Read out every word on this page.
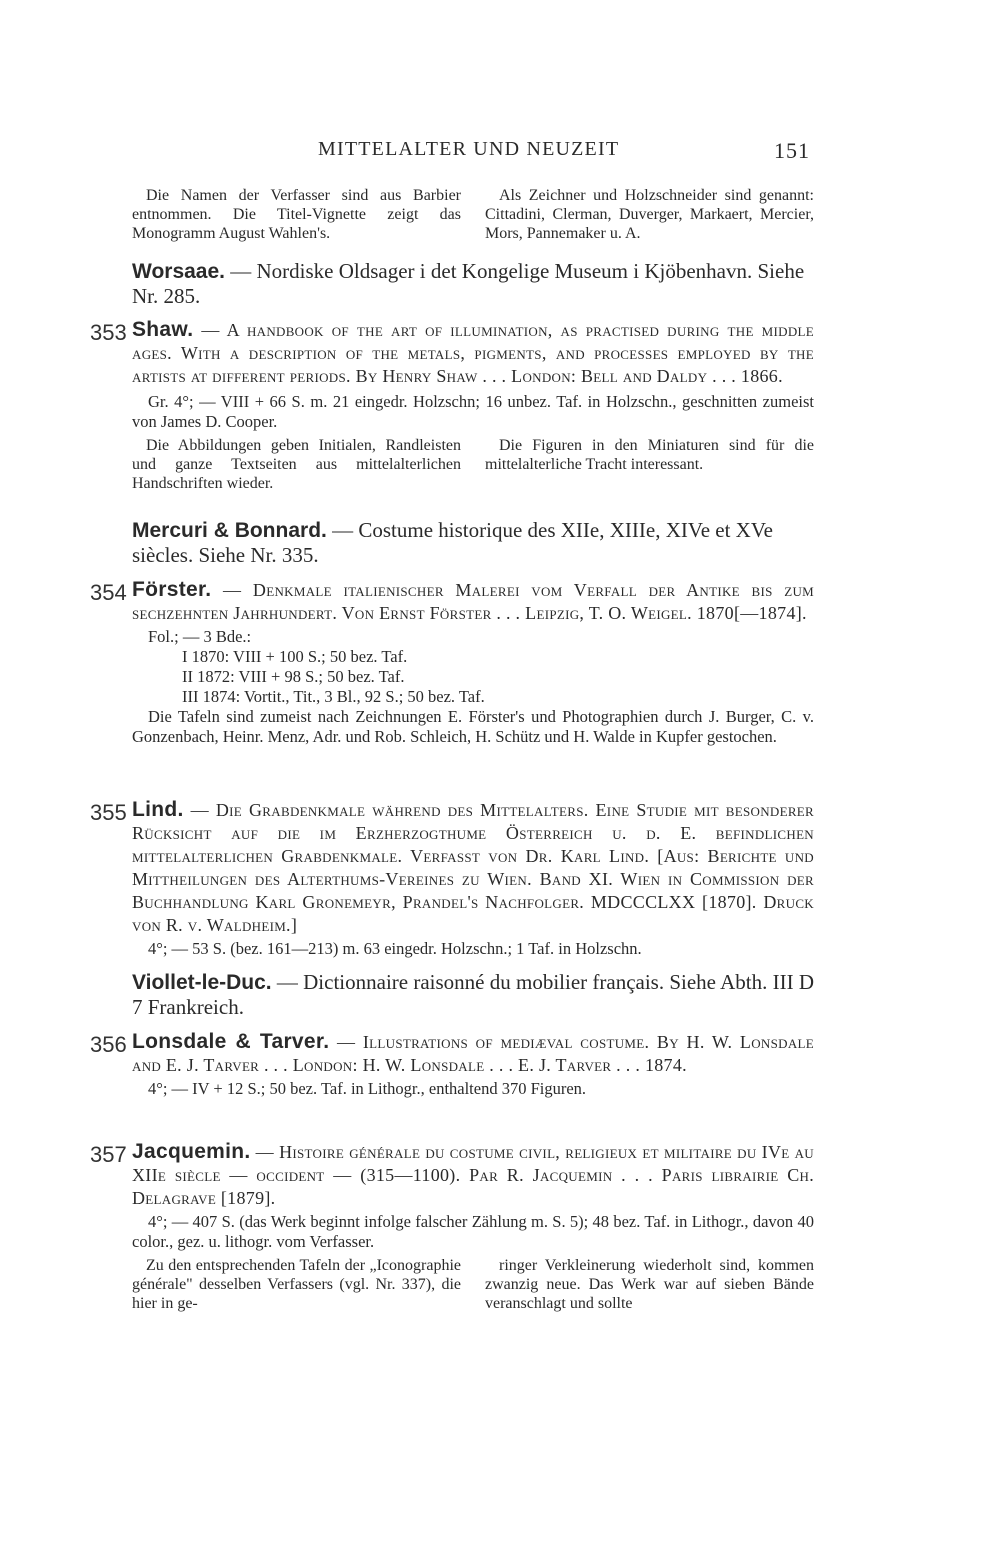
MITTELALTER UND NEUZEIT	151
Die Namen der Verfasser sind aus Barbier entnommen. Die Titel-Vignette zeigt das Monogramm August Wahlen's.
Als Zeichner und Holzschneider sind genannt: Cittadini, Clerman, Duverger, Markaert, Mercier, Mors, Pannemaker u. A.
Worsaae. — Nordiske Oldsager i det Kongelige Museum i Kjöbenhavn. Siehe Nr. 285.
353 Shaw. — A handbook of the art of illumination, as practised during the middle ages. With a description of the metals, pigments, and processes employed by the artists at different periods. By Henry Shaw . . . London: Bell and Daldy . . . 1866.
Gr. 4°; — VIII + 66 S. m. 21 eingedr. Holzschn; 16 unbez. Taf. in Holzschn., geschnitten zumeist von James D. Cooper.
Die Abbildungen geben Initialen, Randleisten und ganze Textseiten aus mittelalterlichen Handschriften wieder.
Die Figuren in den Miniaturen sind für die mittelalterliche Tracht interessant.
Mercuri & Bonnard. — Costume historique des XIIe, XIIIe, XIVe et XVe siècles. Siehe Nr. 335.
354 Förster. — Denkmale italienischer Malerei vom Verfall der Antike bis zum sechzehnten Jahrhundert. Von Ernst Förster . . . Leipzig, T. O. Weigel. 1870[—1874].
Fol.; — 3 Bde.:
I 1870: VIII + 100 S.; 50 bez. Taf.
II 1872: VIII + 98 S.; 50 bez. Taf.
III 1874: Vortit., Tit., 3 Bl., 92 S.; 50 bez. Taf.
Die Tafeln sind zumeist nach Zeichnungen E. Förster's und Photographien durch J. Burger, C. v. Gonzenbach, Heinr. Menz, Adr. und Rob. Schleich, H. Schütz und H. Walde in Kupfer gestochen.
355 Lind. — Die Grabdenkmale während des Mittelalters. Eine Studie mit besonderer Rücksicht auf die im Erzherzogthume Österreich u. d. E. befindlichen mittelalterlichen Grabdenkmale. Verfasst von Dr. Karl Lind. [Aus: Berichte und Mittheilungen des Alterthums-Vereines zu Wien. Band XI. Wien in Commission der Buchhandlung Karl Gronemeyr, Prandel's Nachfolger. MDCCCLXX [1870]. Druck von R. v. Waldheim.]
4°; — 53 S. (bez. 161—213) m. 63 eingedr. Holzschn.; 1 Taf. in Holzschn.
Viollet-le-Duc. — Dictionnaire raisonné du mobilier français. Siehe Abth. III D 7 Frankreich.
356 Lonsdale & Tarver. — Illustrations of mediæval costume. By H. W. Lonsdale and E. J. Tarver . . . London: H. W. Lonsdale . . . E. J. Tarver . . . 1874.
4°; — IV + 12 S.; 50 bez. Taf. in Lithogr., enthaltend 370 Figuren.
357 Jacquemin. — Histoire générale du costume civil, religieux et militaire du IVe au XIIe siècle — occident — (315—1100). Par R. Jacquemin . . . Paris librairie Ch. Delagrave [1879].
4°; — 407 S. (das Werk beginnt infolge falscher Zählung m. S. 5); 48 bez. Taf. in Lithogr., davon 40 color., gez. u. lithogr. vom Verfasser.
Zu den entsprechenden Tafeln der „Iconographie générale" desselben Verfassers (vgl. Nr. 337), die hier in ge-
ringer Verkleinerung wiederholt sind, kommen zwanzig neue. Das Werk war auf sieben Bände veranschlagt und sollte
